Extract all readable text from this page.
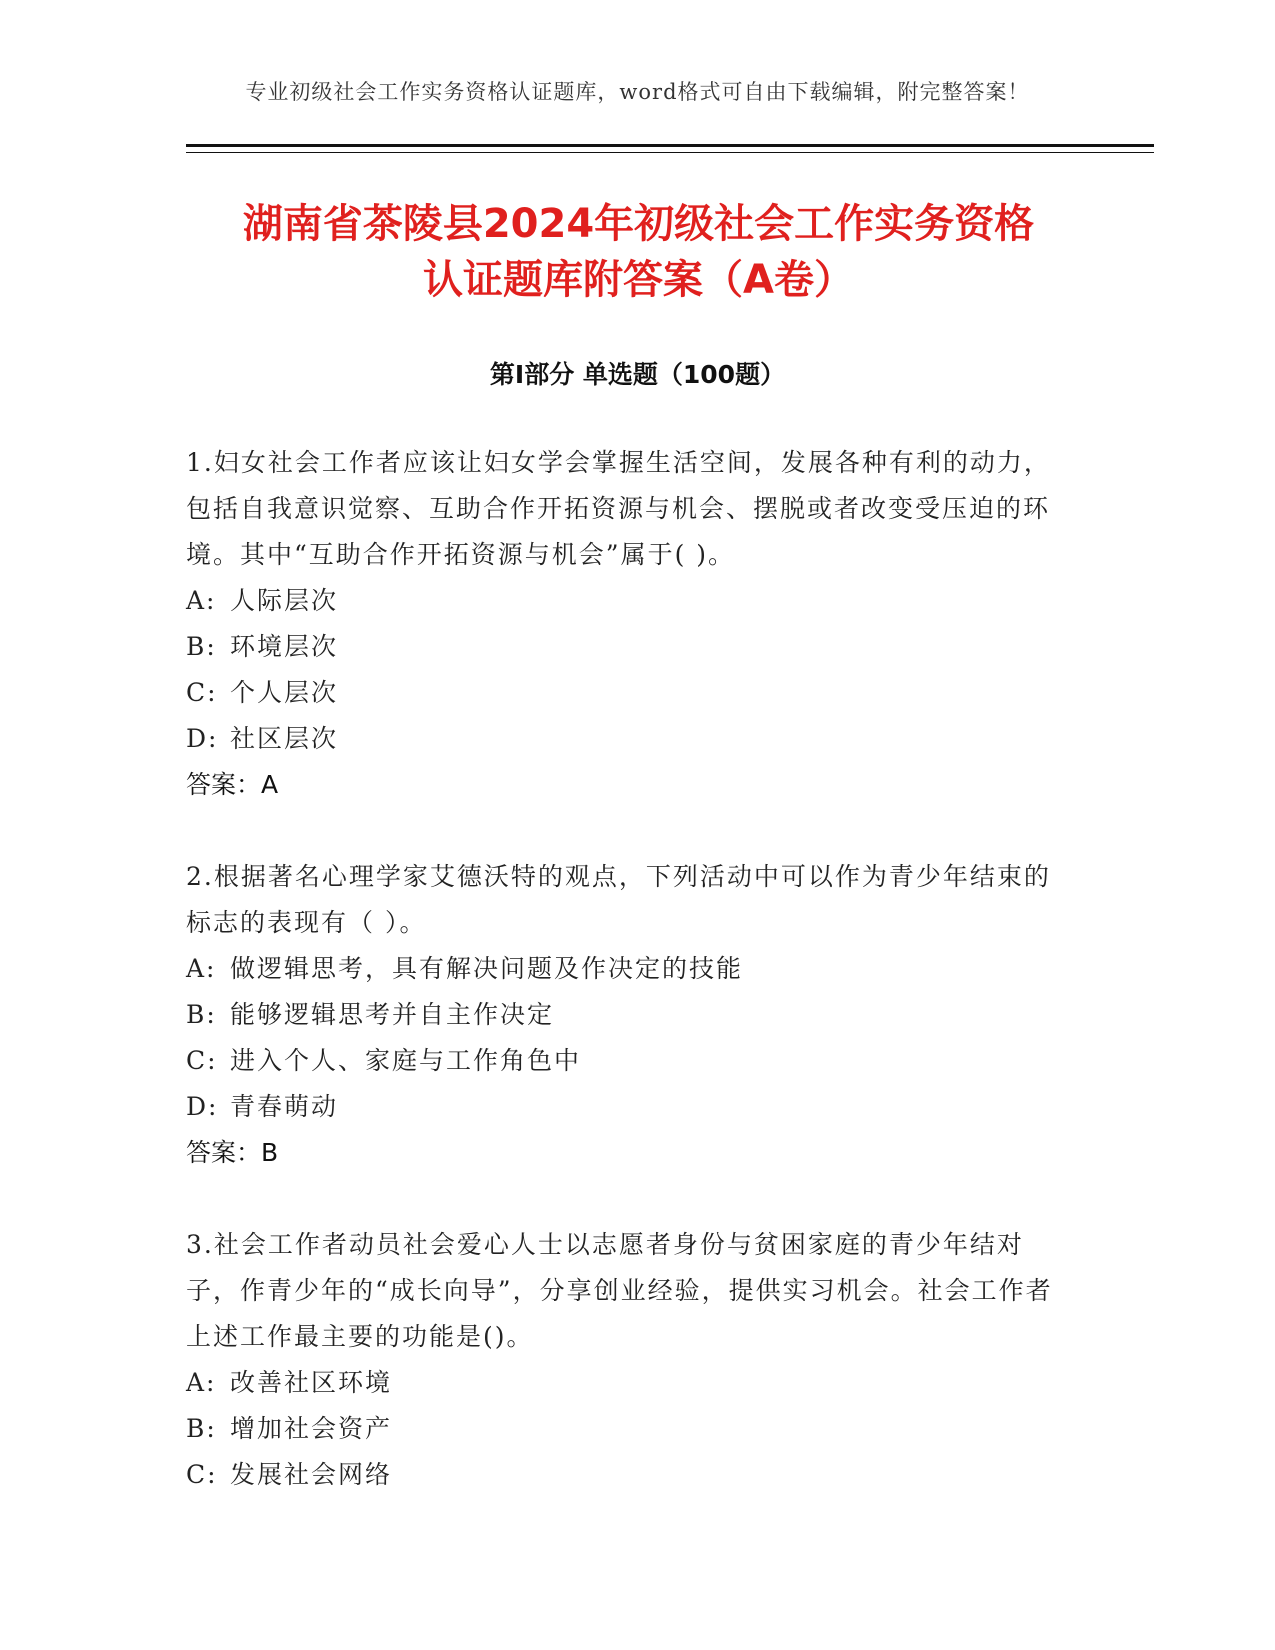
专业初级社会工作实务资格认证题库，word格式可自由下载编辑，附完整答案！
湖南省茶陵县2024年初级社会工作实务资格
认证题库附答案（A卷）
第Ⅰ部分 单选题（100题）

1.妇女社会工作者应该让妇女学会掌握生活空间，发展各种有利的动力，包括自我意识觉察、互助合作开拓资源与机会、摆脱或者改变受压迫的环境。其中“互助合作开拓资源与机会”属于( )。

A: 人际层次
B: 环境层次
C: 个人层次
D: 社区层次
答案：A

2.根据著名心理学家艾德沃特的观点，下列活动中可以作为青少年结束的标志的表现有（ ）。

A: 做逻辑思考，具有解决问题及作决定的技能
B: 能够逻辑思考并自主作决定
C: 进入个人、家庭与工作角色中
D: 青春萌动
答案：B

3.社会工作者动员社会爱心人士以志愿者身份与贫困家庭的青少年结对子，作青少年的“成长向导”，分享创业经验，提供实习机会。社会工作者上述工作最主要的功能是()。

A: 改善社区环境
B: 增加社会资产
C: 发展社会网络
